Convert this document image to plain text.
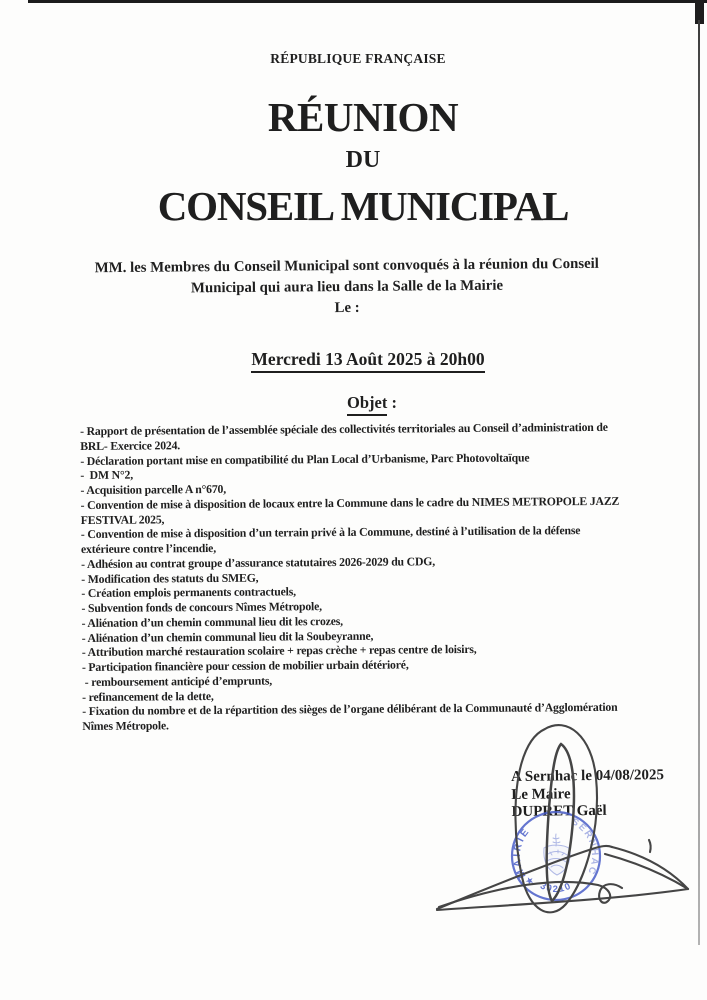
RÉPUBLIQUE FRANÇAISE
RÉUNION
DU
CONSEIL MUNICIPAL
MM. les Membres du Conseil Municipal sont convoqués à la réunion du Conseil
Municipal qui aura lieu dans la Salle de la Mairie
Le :
Mercredi 13 Août 2025 à 20h00
Objet :
- Rapport de présentation de l’assemblée spéciale des collectivités territoriales au Conseil d’administration de
BRL- Exercice 2024.
- Déclaration portant mise en compatibilité du Plan Local d’Urbanisme, Parc Photovoltaïque
-  DM N°2,
- Acquisition parcelle A n°670,
- Convention de mise à disposition de locaux entre la Commune dans le cadre du NIMES METROPOLE JAZZ
FESTIVAL 2025,
- Convention de mise à disposition d’un terrain privé à la Commune, destiné à l’utilisation de la défense
extérieure contre l’incendie,
- Adhésion au contrat groupe d’assurance statutaires 2026-2029 du CDG,
- Modification des statuts du SMEG,
- Création emplois permanents contractuels,
- Subvention fonds de concours Nîmes Métropole,
- Aliénation d’un chemin communal lieu dit les crozes,
- Aliénation d’un chemin communal lieu dit la Soubeyranne,
- Attribution marché restauration scolaire + repas crèche + repas centre de loisirs,
- Participation financière pour cession de mobilier urbain détérioré,
- remboursement anticipé d’emprunts,
- refinancement de la dette,
- Fixation du nombre et de la répartition des sièges de l’organe délibérant de la Communauté d’Agglomération
Nîmes Métropole.
A Sernhac le 04/08/2025
Le Maire
DUPRET Gaël
MAIRIE
SERNHAC
30210
★
